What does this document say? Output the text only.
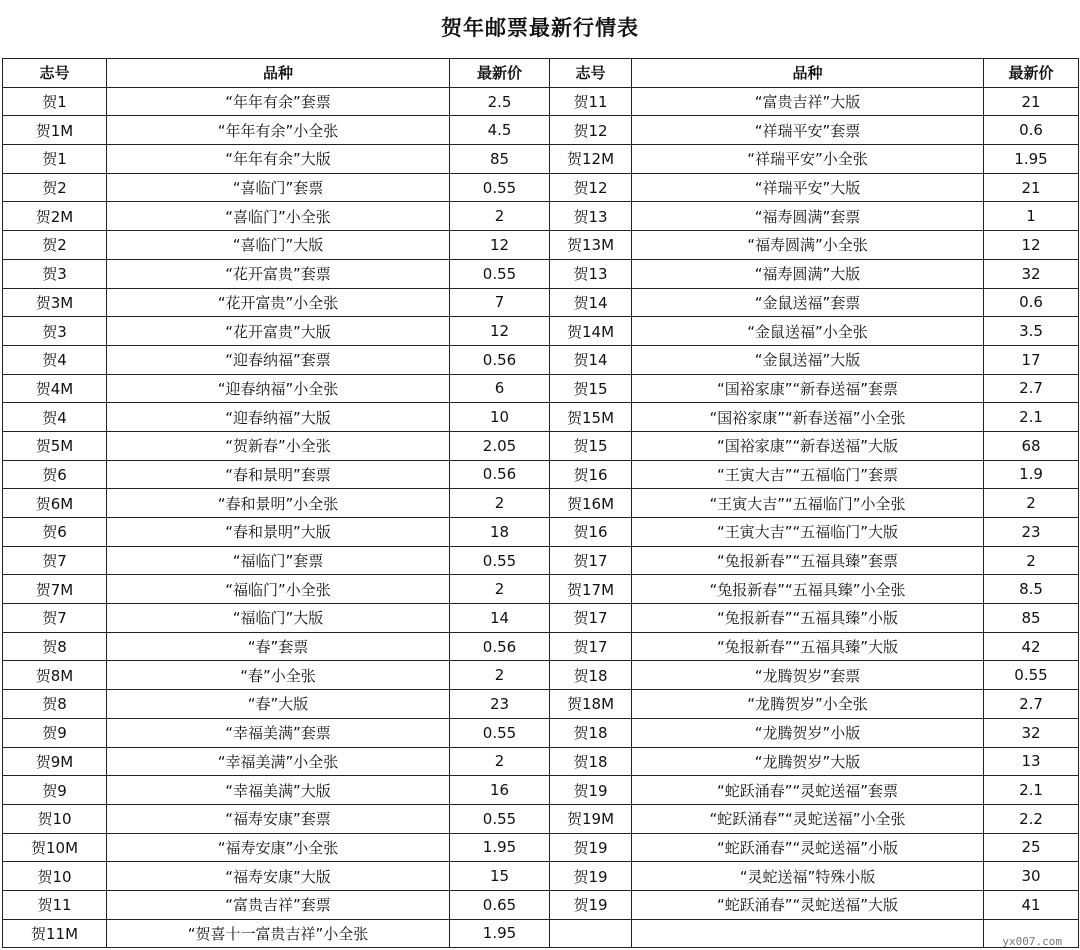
贺年邮票最新行情表
志号	品种	最新价	志号	品种	最新价
贺1	“年年有余”套票	2.5	贺11	“富贵吉祥”大版	21
贺1M	“年年有余”小全张	4.5	贺12	“祥瑞平安”套票	0.6
贺1	“年年有余”大版	85	贺12M	“祥瑞平安”小全张	1.95
贺2	“喜临门”套票	0.55	贺12	“祥瑞平安”大版	21
贺2M	“喜临门”小全张	2	贺13	“福寿圆满”套票	1
贺2	“喜临门”大版	12	贺13M	“福寿圆满”小全张	12
贺3	“花开富贵”套票	0.55	贺13	“福寿圆满”大版	32
贺3M	“花开富贵”小全张	7	贺14	“金鼠送福”套票	0.6
贺3	“花开富贵”大版	12	贺14M	“金鼠送福”小全张	3.5
贺4	“迎春纳福”套票	0.56	贺14	“金鼠送福”大版	17
贺4M	“迎春纳福”小全张	6	贺15	“国裕家康”“新春送福”套票	2.7
贺4	“迎春纳福”大版	10	贺15M	“国裕家康”“新春送福”小全张	2.1
贺5M	“贺新春”小全张	2.05	贺15	“国裕家康”“新春送福”大版	68
贺6	“春和景明”套票	0.56	贺16	“王寅大吉”“五福临门”套票	1.9
贺6M	“春和景明”小全张	2	贺16M	“王寅大吉”“五福临门”小全张	2
贺6	“春和景明”大版	18	贺16	“王寅大吉”“五福临门”大版	23
贺7	“福临门”套票	0.55	贺17	“兔报新春”“五福具臻”套票	2
贺7M	“福临门”小全张	2	贺17M	“兔报新春”“五福具臻”小全张	8.5
贺7	“福临门”大版	14	贺17	“兔报新春”“五福具臻”小版	85
贺8	“春”套票	0.56	贺17	“兔报新春”“五福具臻”大版	42
贺8M	“春”小全张	2	贺18	“龙腾贺岁”套票	0.55
贺8	“春”大版	23	贺18M	“龙腾贺岁”小全张	2.7
贺9	“幸福美满”套票	0.55	贺18	“龙腾贺岁”小版	32
贺9M	“幸福美满”小全张	2	贺18	“龙腾贺岁”大版	13
贺9	“幸福美满”大版	16	贺19	“蛇跃涌春”“灵蛇送福”套票	2.1
贺10	“福寿安康”套票	0.55	贺19M	“蛇跃涌春”“灵蛇送福”小全张	2.2
贺10M	“福寿安康”小全张	1.95	贺19	“蛇跃涌春”“灵蛇送福”小版	25
贺10	“福寿安康”大版	15	贺19	“灵蛇送福”特殊小版	30
贺11	“富贵吉祥”套票	0.65	贺19	“蛇跃涌春”“灵蛇送福”大版	41
贺11M	“贺喜十一富贵吉祥”小全张	1.95				yx007.com
